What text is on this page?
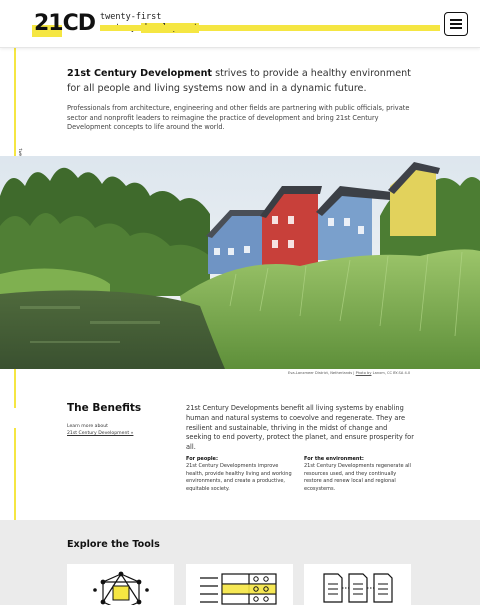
21CD twenty-first

21st Century Development strives to provide a healthy environment for all people and living systems now and in a dynamic future.

Professionals from architecture, engineering and other fields are partnering with public officials, private sector and nonprofit leaders to reimagine the practice of development and bring 21st Century Development concepts to life around the world.

Eva-Lanxmeer District, Netherlands | Photo by Lanxm, CC BY-SA 4.0
The Benefits
Learn more about
21st Century Development »

21st Century Developments benefit all living systems by enabling human and natural systems to coevolve and regenerate. They are resilient and sustainable, thriving in the midst of change and seeking to end poverty, protect the planet, and ensure prosperity for all.

For people:
21st Century Developments improve health, provide healthy living and working environments, and create a productive, equitable society.
For the environment:
21st Century Developments regenerate all resources used, and they continually restore and renew local and regional ecosystems.
Explore the Tools
